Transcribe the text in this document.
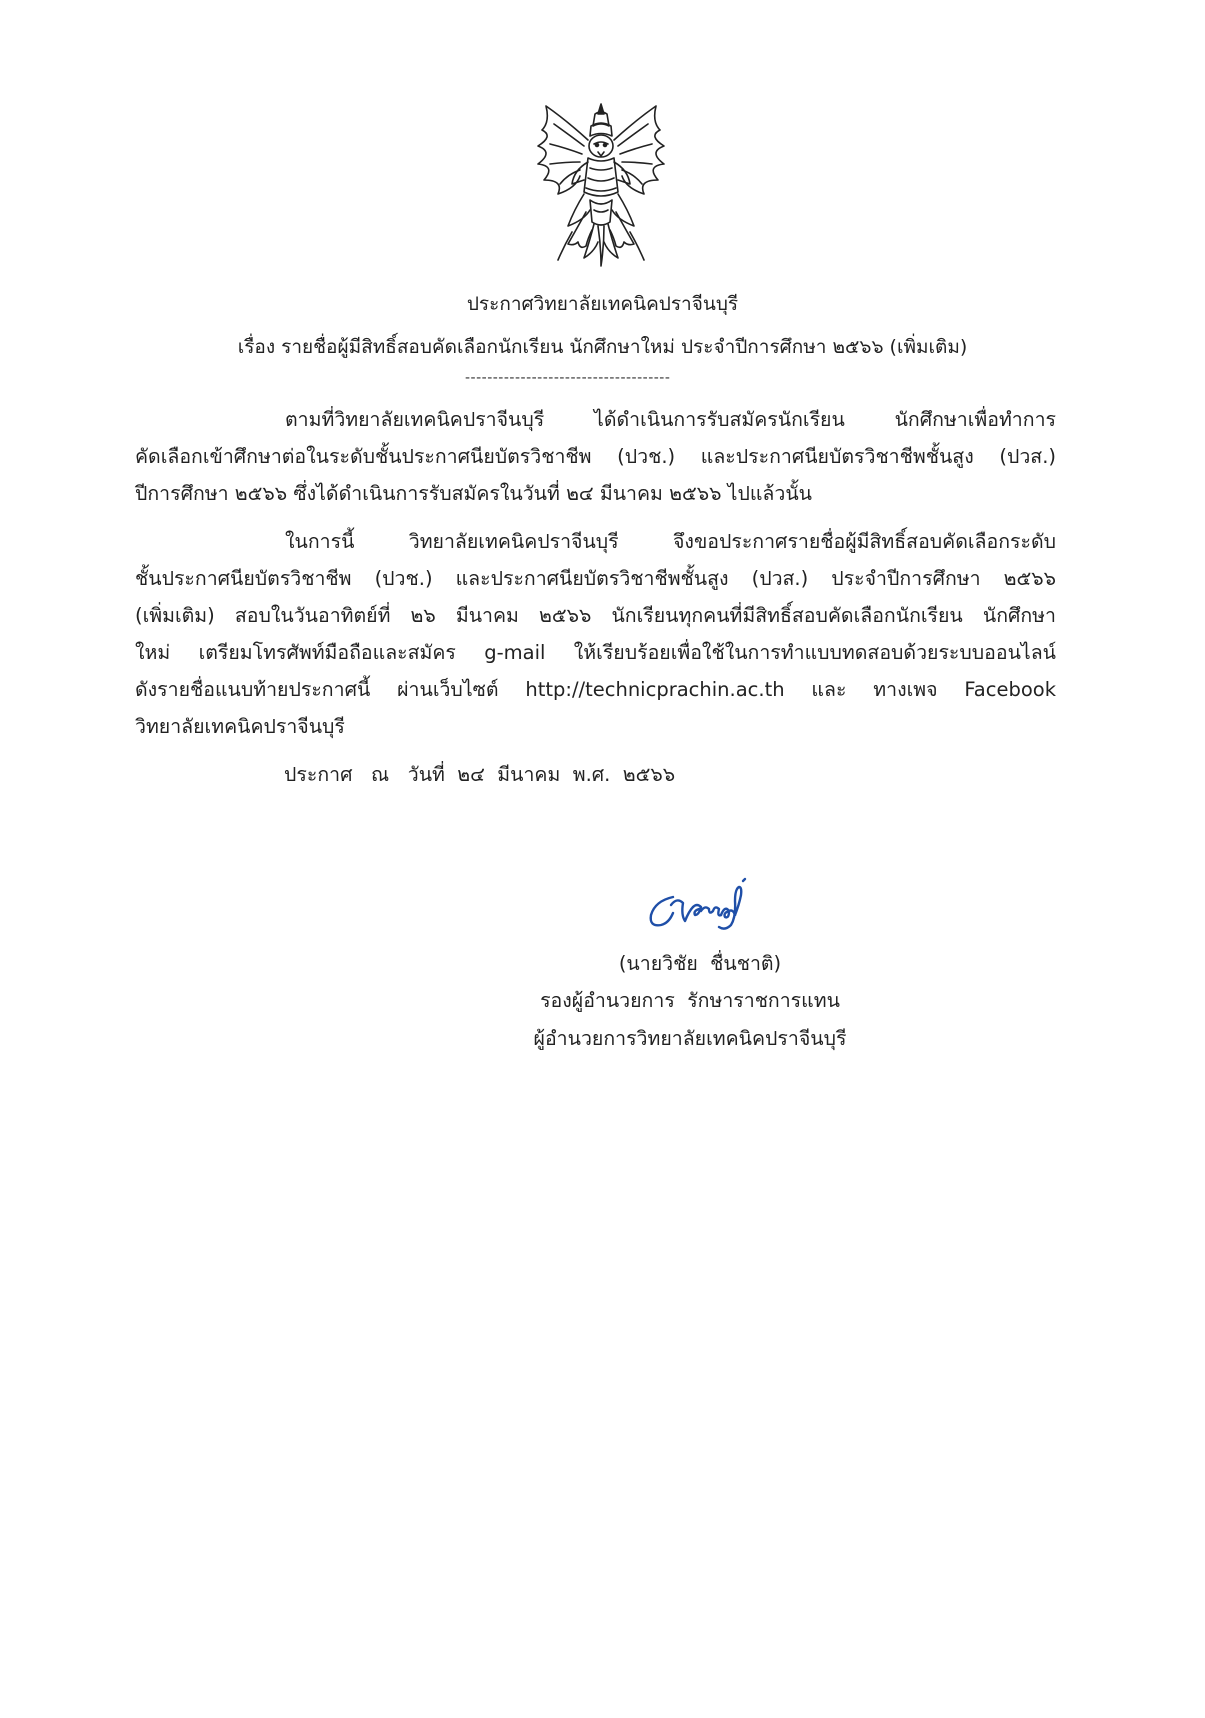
ประกาศวิทยาลัยเทคนิคปราจีนบุรี
เรื่อง รายชื่อผู้มีสิทธิ์สอบคัดเลือกนักเรียน นักศึกษาใหม่ ประจำปีการศึกษา ๒๕๖๖ (เพิ่มเติม)
-------------------------------------
ตามที่วิทยาลัยเทคนิคปราจีนบุรี ได้ดำเนินการรับสมัครนักเรียน นักศึกษาเพื่อทำการ
คัดเลือกเข้าศึกษาต่อในระดับชั้นประกาศนียบัตรวิชาชีพ (ปวช.) และประกาศนียบัตรวิชาชีพชั้นสูง (ปวส.)
ปีการศึกษา ๒๕๖๖ ซึ่งได้ดำเนินการรับสมัครในวันที่ ๒๔ มีนาคม ๒๕๖๖ ไปแล้วนั้น
ในการนี้ วิทยาลัยเทคนิคปราจีนบุรี จึงขอประกาศรายชื่อผู้มีสิทธิ์สอบคัดเลือกระดับ
ชั้นประกาศนียบัตรวิชาชีพ (ปวช.) และประกาศนียบัตรวิชาชีพชั้นสูง (ปวส.) ประจำปีการศึกษา ๒๕๖๖
(เพิ่มเติม) สอบในวันอาทิตย์ที่ ๒๖ มีนาคม ๒๕๖๖ นักเรียนทุกคนที่มีสิทธิ์สอบคัดเลือกนักเรียน นักศึกษา
ใหม่ เตรียมโทรศัพท์มือถือและสมัคร g-mail ให้เรียบร้อยเพื่อใช้ในการทำแบบทดสอบด้วยระบบออนไลน์
ดังรายชื่อแนบท้ายประกาศนี้ ผ่านเว็บไซต์ http://technicprachin.ac.th และ ทางเพจ Facebook
วิทยาลัยเทคนิคปราจีนบุรี
ประกาศ   ณ   วันที่  ๒๔  มีนาคม  พ.ศ.  ๒๕๖๖
(นายวิชัย  ชื่นชาติ)
รองผู้อำนวยการ  รักษาราชการแทน
ผู้อำนวยการวิทยาลัยเทคนิคปราจีนบุรี
